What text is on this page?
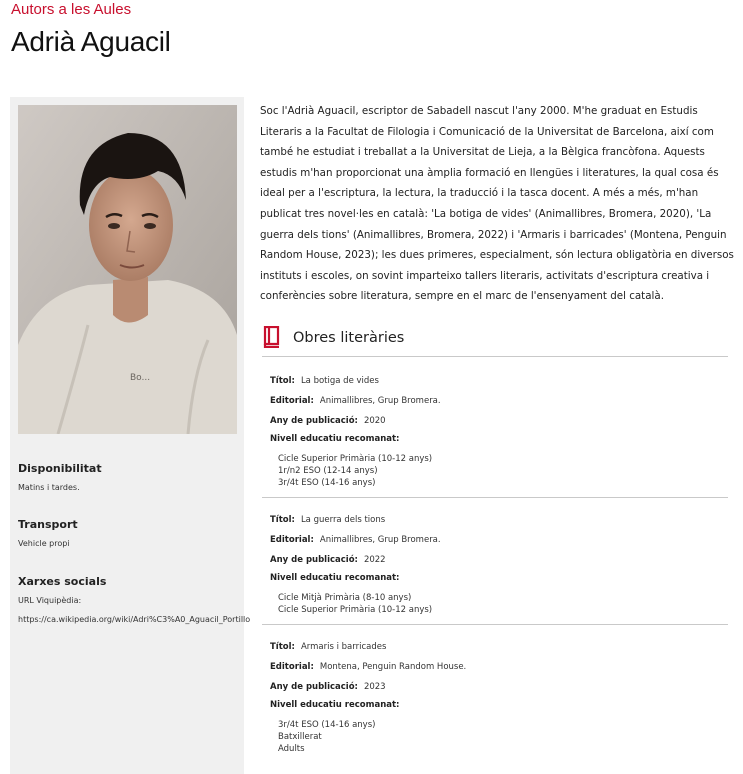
Autors a les Aules
Adrià Aguacil
Bo...

Disponibilitat

Matins i tardes.

Transport

Vehicle propi

Xarxes socials

URL Viquipèdia:

https://ca.wikipedia.org/wiki/Adri%C3%A0_Aguacil_Portillo

Soc l'Adrià Aguacil, escriptor de Sabadell nascut l'any 2000. M'he graduat en Estudis Literaris a la Facultat de Filologia i Comunicació de la Universitat de Barcelona, així com també he estudiat i treballat a la Universitat de Lieja, a la Bèlgica francòfona. Aquests estudis m'han proporcionat una àmplia formació en llengües i literatures, la qual cosa és ideal per a l'escriptura, la lectura, la traducció i la tasca docent. A més a més, m'han publicat tres novel·les en català: 'La botiga de vides' (Animallibres, Bromera, 2020), 'La guerra dels tions' (Animallibres, Bromera, 2022) i 'Armaris i barricades' (Montena, Penguin Random House, 2023); les dues primeres, especialment, són lectura obligatòria en diversos instituts i escoles, on sovint imparteixo tallers literaris, activitats d'escriptura creativa i conferències sobre literatura, sempre en el marc de l'ensenyament del català.
Obres literàries
Títol: La botiga de vides
Editorial: Animallibres, Grup Bromera.
Any de publicació: 2020
Nivell educatiu recomanat:
Cicle Superior Primària (10-12 anys)
1r/n2 ESO (12-14 anys)
3r/4t ESO (14-16 anys)
Títol: La guerra dels tions
Editorial: Animallibres, Grup Bromera.
Any de publicació: 2022
Nivell educatiu recomanat:
Cicle Mitjà Primària (8-10 anys)
Cicle Superior Primària (10-12 anys)
Títol: Armaris i barricades
Editorial: Montena, Penguin Random House.
Any de publicació: 2023
Nivell educatiu recomanat:
3r/4t ESO (14-16 anys)
Batxillerat
Adults
